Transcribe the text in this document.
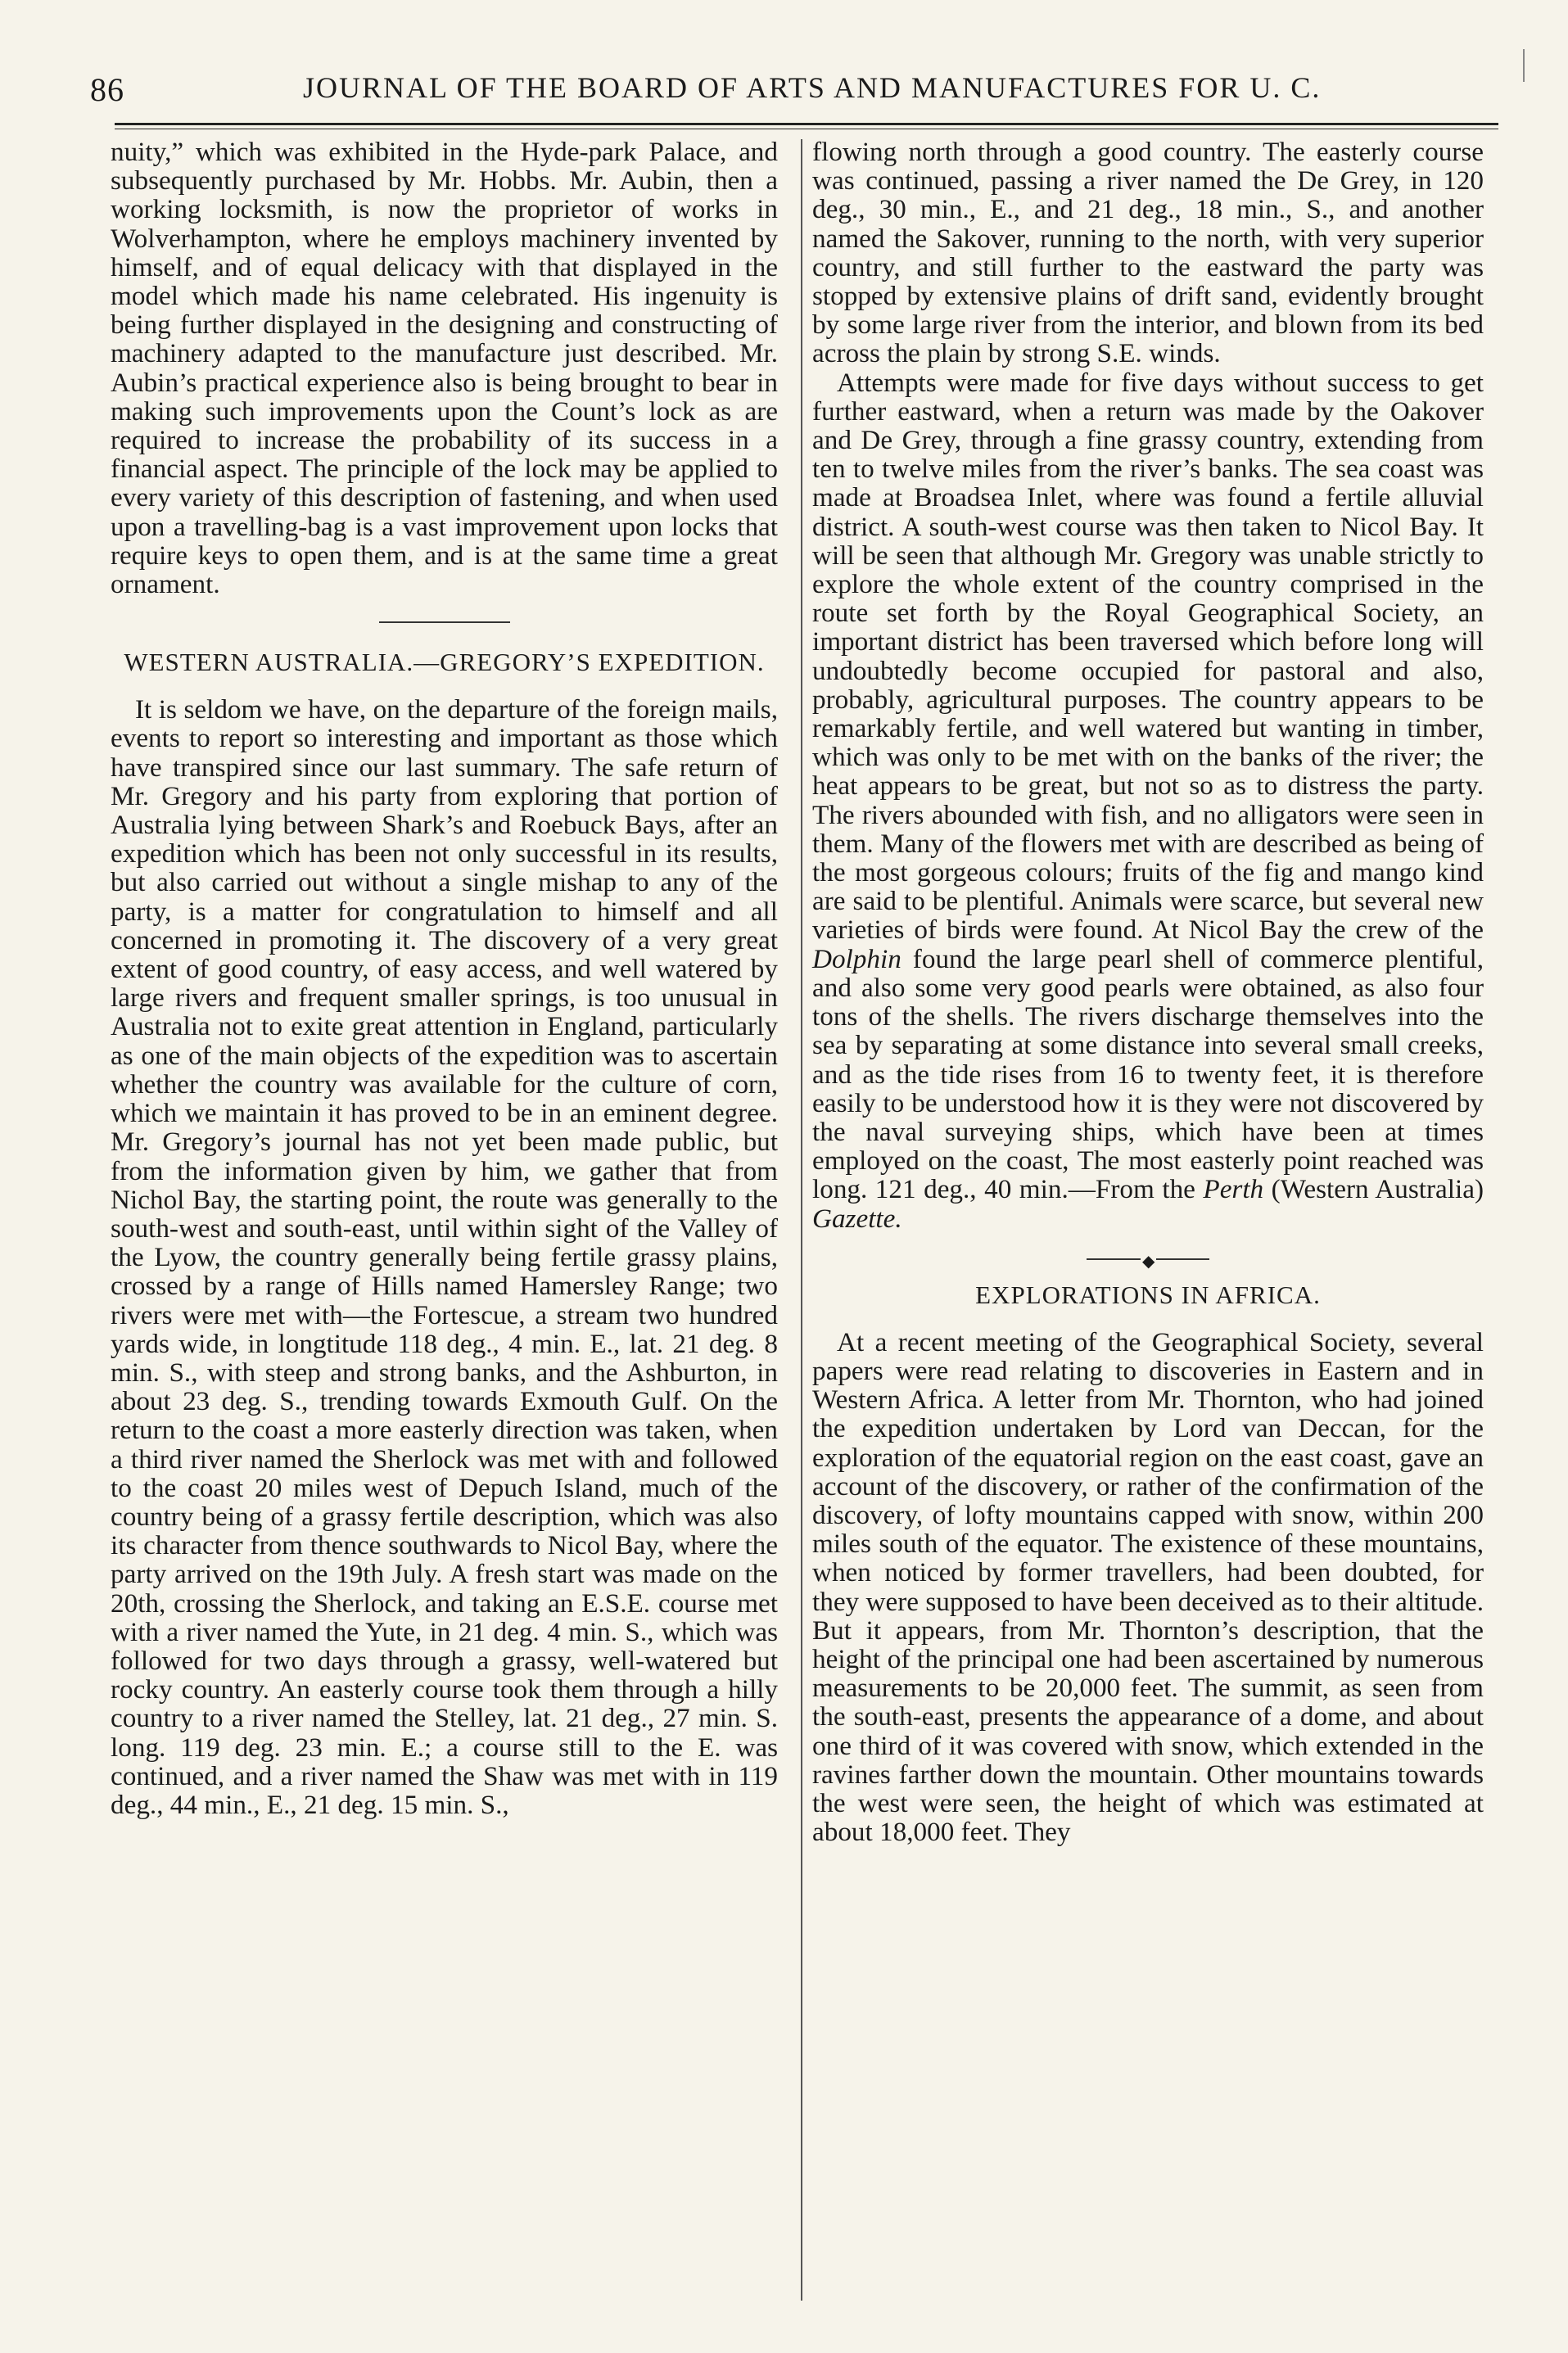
86	JOURNAL OF THE BOARD OF ARTS AND MANUFACTURES FOR U. C.

nuity,” which was exhibited in the Hyde-park Palace, and subsequently purchased by Mr. Hobbs. Mr. Aubin, then a working locksmith, is now the proprietor of works in Wolverhampton, where he employs machinery invented by himself, and of equal delicacy with that displayed in the model which made his name celebrated. His ingenuity is being further displayed in the designing and constructing of machinery adapted to the manufacture just described. Mr. Aubin’s practical experience also is being brought to bear in making such improvements upon the Count’s lock as are required to increase the probability of its success in a financial aspect. The principle of the lock may be applied to every variety of this description of fastening, and when used upon a travelling-bag is a vast improvement upon locks that require keys to open them, and is at the same time a great ornament.

WESTERN AUSTRALIA.—GREGORY’S EXPEDITION.

It is seldom we have, on the departure of the foreign mails, events to report so interesting and important as those which have transpired since our last summary. The safe return of Mr. Gregory and his party from exploring that portion of Australia lying between Shark’s and Roebuck Bays, after an expedition which has been not only successful in its results, but also carried out without a single mishap to any of the party, is a matter for congratulation to himself and all concerned in promoting it. The discovery of a very great extent of good country, of easy access, and well watered by large rivers and frequent smaller springs, is too unusual in Australia not to exite great attention in England, particularly as one of the main objects of the expedition was to ascertain whether the country was available for the culture of corn, which we maintain it has proved to be in an eminent degree. Mr. Gregory’s journal has not yet been made public, but from the information given by him, we gather that from Nichol Bay, the starting point, the route was generally to the south-west and south-east, until within sight of the Valley of the Lyow, the country generally being fertile grassy plains, crossed by a range of Hills named Hamersley Range; two rivers were met with—the Fortescue, a stream two hundred yards wide, in longtitude 118 deg., 4 min. E., lat. 21 deg. 8 min. S., with steep and strong banks, and the Ashburton, in about 23 deg. S., trending towards Exmouth Gulf. On the return to the coast a more easterly direction was taken, when a third river named the Sherlock was met with and followed to the coast 20 miles west of Depuch Island, much of the country being of a grassy fertile description, which was also its character from thence southwards to Nicol Bay, where the party arrived on the 19th July. A fresh start was made on the 20th, crossing the Sherlock, and taking an E.S.E. course met with a river named the Yute, in 21 deg. 4 min. S., which was followed for two days through a grassy, well-watered but rocky country. An easterly course took them through a hilly country to a river named the Stelley, lat. 21 deg., 27 min. S. long. 119 deg. 23 min. E.; a course still to the E. was continued, and a river named the Shaw was met with in 119 deg., 44 min., E., 21 deg. 15 min. S.,

flowing north through a good country. The easterly course was continued, passing a river named the De Grey, in 120 deg., 30 min., E., and 21 deg., 18 min., S., and another named the Sakover, running to the north, with very superior country, and still further to the eastward the party was stopped by extensive plains of drift sand, evidently brought by some large river from the interior, and blown from its bed across the plain by strong S.E. winds.

Attempts were made for five days without success to get further eastward, when a return was made by the Oakover and De Grey, through a fine grassy country, extending from ten to twelve miles from the river’s banks. The sea coast was made at Broadsea Inlet, where was found a fertile alluvial district. A south-west course was then taken to Nicol Bay. It will be seen that although Mr. Gregory was unable strictly to explore the whole extent of the country comprised in the route set forth by the Royal Geographical Society, an important district has been traversed which before long will undoubtedly become occupied for pastoral and also, probably, agricultural purposes. The country appears to be remarkably fertile, and well watered but wanting in timber, which was only to be met with on the banks of the river; the heat appears to be great, but not so as to distress the party. The rivers abounded with fish, and no alligators were seen in them. Many of the flowers met with are described as being of the most gorgeous colours; fruits of the fig and mango kind are said to be plentiful. Animals were scarce, but several new varieties of birds were found. At Nicol Bay the crew of the Dolphin found the large pearl shell of commerce plentiful, and also some very good pearls were obtained, as also four tons of the shells. The rivers discharge themselves into the sea by separating at some distance into several small creeks, and as the tide rises from 16 to twenty feet, it is therefore easily to be understood how it is they were not discovered by the naval surveying ships, which have been at times employed on the coast, The most easterly point reached was long. 121 deg., 40 min.—From the Perth (Western Australia) Gazette.

◆

EXPLORATIONS IN AFRICA.

At a recent meeting of the Geographical Society, several papers were read relating to discoveries in Eastern and in Western Africa. A letter from Mr. Thornton, who had joined the expedition undertaken by Lord van Deccan, for the exploration of the equatorial region on the east coast, gave an account of the discovery, or rather of the confirmation of the discovery, of lofty mountains capped with snow, within 200 miles south of the equator. The existence of these mountains, when noticed by former travellers, had been doubted, for they were supposed to have been deceived as to their altitude. But it appears, from Mr. Thornton’s description, that the height of the principal one had been ascertained by numerous measurements to be 20,000 feet. The summit, as seen from the south-east, presents the appearance of a dome, and about one third of it was covered with snow, which extended in the ravines farther down the mountain. Other mountains towards the west were seen, the height of which was estimated at about 18,000 feet. They
